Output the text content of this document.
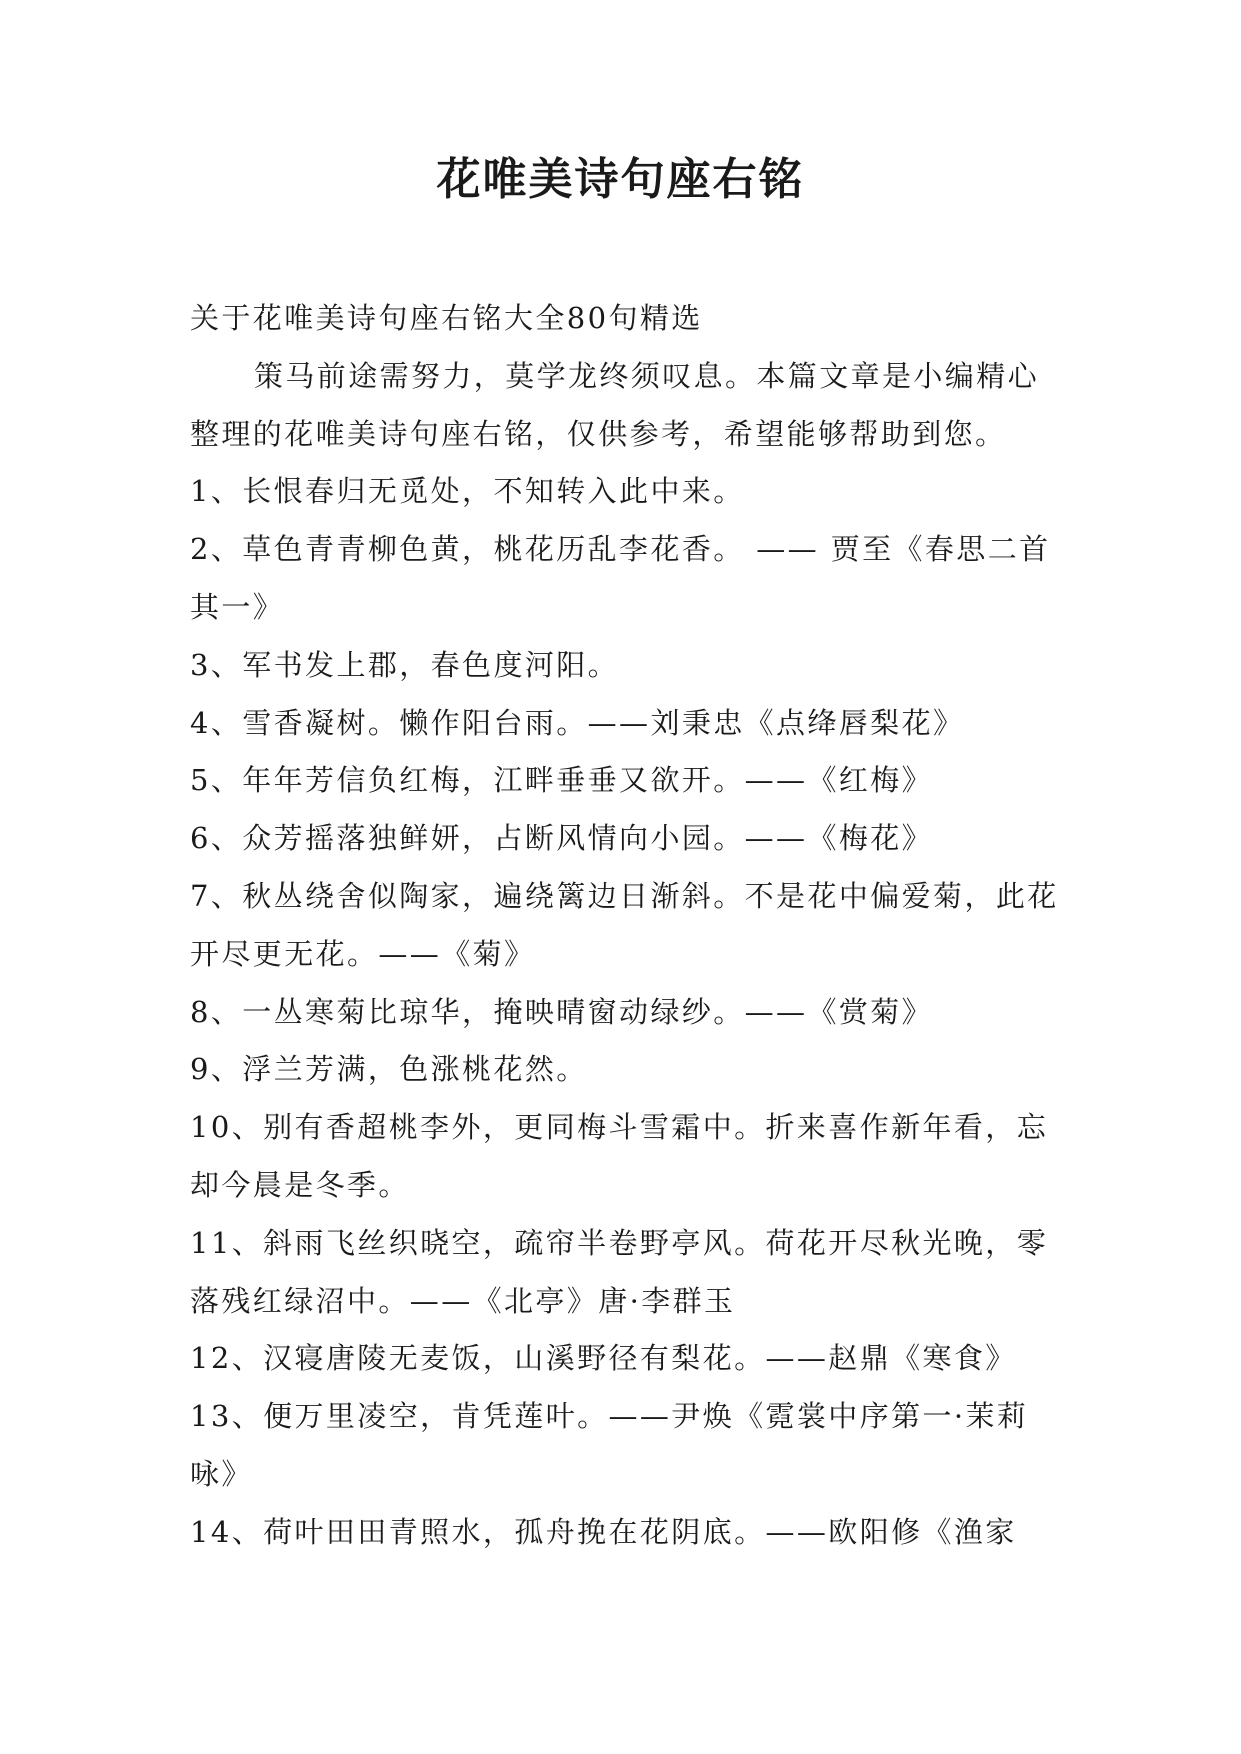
花唯美诗句座右铭

关于花唯美诗句座右铭大全80句精选

策马前途需努力，莫学龙终须叹息。本篇文章是小编精心整理的花唯美诗句座右铭，仅供参考，希望能够帮助到您。

1、长恨春归无觅处，不知转入此中来。

2、草色青青柳色黄，桃花历乱李花香。 —— 贾至《春思二首其一》

3、军书发上郡，春色度河阳。

4、雪香凝树。懒作阳台雨。——刘秉忠《点绛唇梨花》

5、年年芳信负红梅，江畔垂垂又欲开。——《红梅》

6、众芳摇落独鲜妍，占断风情向小园。——《梅花》

7、秋丛绕舍似陶家，遍绕篱边日渐斜。不是花中偏爱菊，此花开尽更无花。——《菊》

8、一丛寒菊比琼华，掩映晴窗动绿纱。——《赏菊》

9、浮兰芳满，色涨桃花然。

10、别有香超桃李外，更同梅斗雪霜中。折来喜作新年看，忘却今晨是冬季。

11、斜雨飞丝织晓空，疏帘半卷野亭风。荷花开尽秋光晚，零落残红绿沼中。——《北亭》唐·李群玉

12、汉寝唐陵无麦饭，山溪野径有梨花。——赵鼎《寒食》

13、便万里凌空，肯凭莲叶。——尹焕《霓裳中序第一·茉莉咏》

14、荷叶田田青照水，孤舟挽在花阴底。——欧阳修《渔家
